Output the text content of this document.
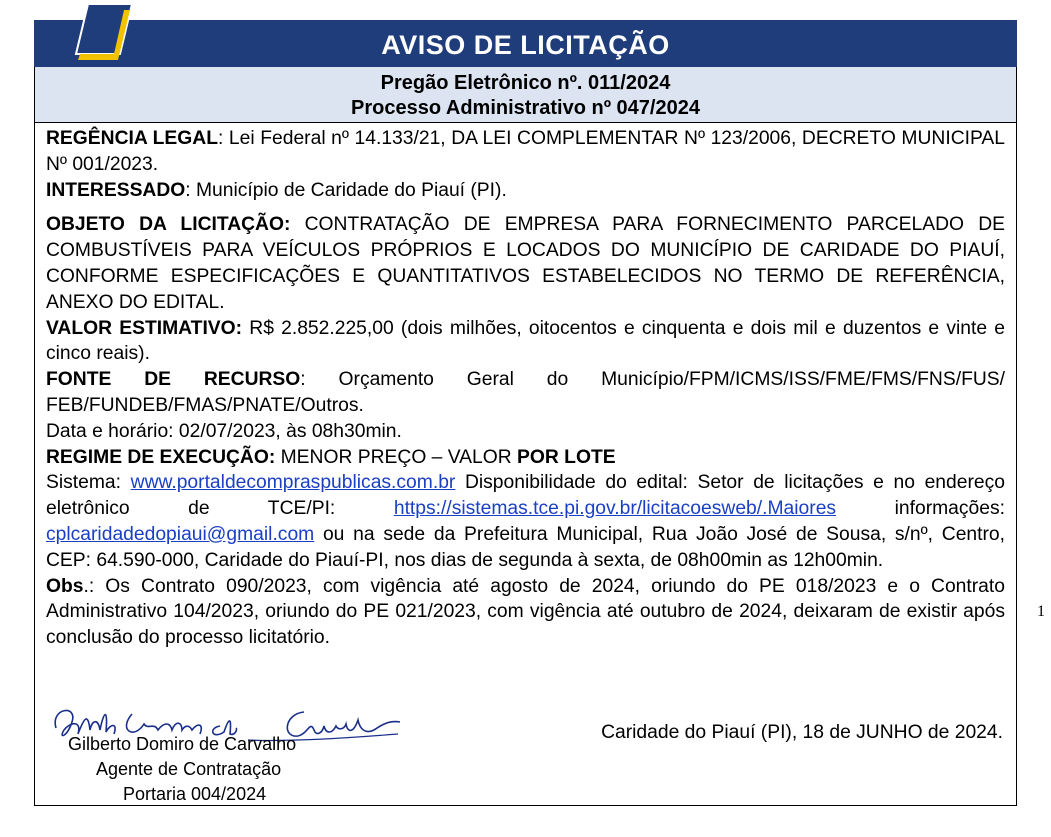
AVISO DE LICITAÇÃO
Pregão Eletrônico nº. 011/2024
Processo Administrativo nº 047/2024

REGÊNCIA LEGAL: Lei Federal nº 14.133/21, DA LEI COMPLEMENTAR Nº 123/2006, DECRETO MUNICIPAL Nº 001/2023.

INTERESSADO: Município de Caridade do Piauí (PI).

OBJETO DA LICITAÇÃO: CONTRATAÇÃO DE EMPRESA PARA FORNECIMENTO PARCELADO DE COMBUSTÍVEIS PARA VEÍCULOS PRÓPRIOS E LOCADOS DO MUNICÍPIO DE CARIDADE DO PIAUÍ, CONFORME ESPECIFICAÇÕES E QUANTITATIVOS ESTABELECIDOS NO TERMO DE REFERÊNCIA, ANEXO DO EDITAL.

VALOR ESTIMATIVO: R$ 2.852.225,00 (dois milhões, oitocentos e cinquenta e dois mil e duzentos e vinte e cinco reais).

FONTE DE RECURSO: Orçamento Geral do Município/FPM/ICMS/ISS/FME/FMS/FNS/FUS/ FEB/FUNDEB/FMAS/PNATE/Outros.

Data e horário: 02/07/2023, às 08h30min.

REGIME DE EXECUÇÃO: MENOR PREÇO – VALOR POR LOTE

Sistema: www.portaldecompraspublicas.com.br Disponibilidade do edital: Setor de licitações e no endereço eletrônico de TCE/PI: https://sistemas.tce.pi.gov.br/licitacoesweb/.Maiores informações: cplcaridadedopiaui@gmail.com ou na sede da Prefeitura Municipal, Rua João José de Sousa, s/nº, Centro, CEP: 64.590-000, Caridade do Piauí-PI, nos dias de segunda à sexta, de 08h00min as 12h00min.

Obs.: Os Contrato 090/2023, com vigência até agosto de 2024, oriundo do PE 018/2023 e o Contrato Administrativo 104/2023, oriundo do PE 021/2023, com vigência até outubro de 2024, deixaram de existir após conclusão do processo licitatório.

Gilberto Domiro de Carvalho
Agente de Contratação
Portaria 004/2024
Caridade do Piauí (PI), 18 de JUNHO de 2024.
1
